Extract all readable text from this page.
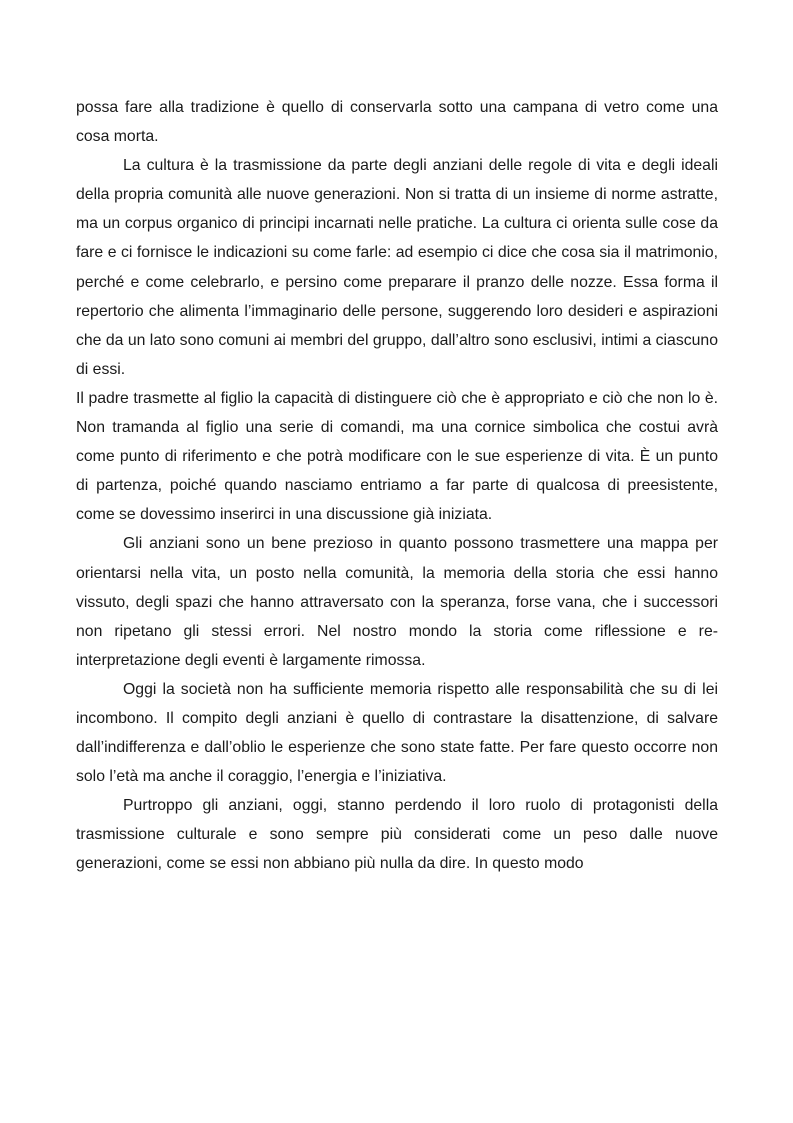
possa fare alla tradizione è quello di conservarla sotto una campana di vetro come una cosa morta.

La cultura è la trasmissione da parte degli anziani delle regole di vita e degli ideali della propria comunità alle nuove generazioni. Non si tratta di un insieme di norme astratte, ma un corpus organico di principi incarnati nelle pratiche. La cultura ci orienta sulle cose da fare e ci fornisce le indicazioni su come farle: ad esempio ci dice che cosa sia il matrimonio, perché e come celebrarlo, e persino come preparare il pranzo delle nozze. Essa forma il repertorio che alimenta l’immaginario delle persone, suggerendo loro desideri e aspirazioni che da un lato sono comuni ai membri del gruppo, dall’altro sono esclusivi, intimi a ciascuno di essi.

Il padre trasmette al figlio la capacità di distinguere ciò che è appropriato e ciò che non lo è. Non tramanda al figlio una serie di comandi, ma una cornice simbolica che costui avrà come punto di riferimento e che potrà modificare con le sue esperienze di vita. È un punto di partenza, poiché quando nasciamo entriamo a far parte di qualcosa di preesistente, come se dovessimo inserirci in una discussione già iniziata.

Gli anziani sono un bene prezioso in quanto possono trasmettere una mappa per orientarsi nella vita, un posto nella comunità, la memoria della storia che essi hanno vissuto, degli spazi che hanno attraversato con la speranza, forse vana, che i successori non ripetano gli stessi errori. Nel nostro mondo la storia come riflessione e re-interpretazione degli eventi è largamente rimossa.

Oggi la società non ha sufficiente memoria rispetto alle responsabilità che su di lei incombono. Il compito degli anziani è quello di contrastare la disattenzione, di salvare dall’indifferenza e dall’oblio le esperienze che sono state fatte. Per fare questo occorre non solo l’età ma anche il coraggio, l’energia e l’iniziativa.

Purtroppo gli anziani, oggi, stanno perdendo il loro ruolo di protagonisti della trasmissione culturale e sono sempre più considerati come un peso dalle nuove generazioni, come se essi non abbiano più nulla da dire. In questo modo
